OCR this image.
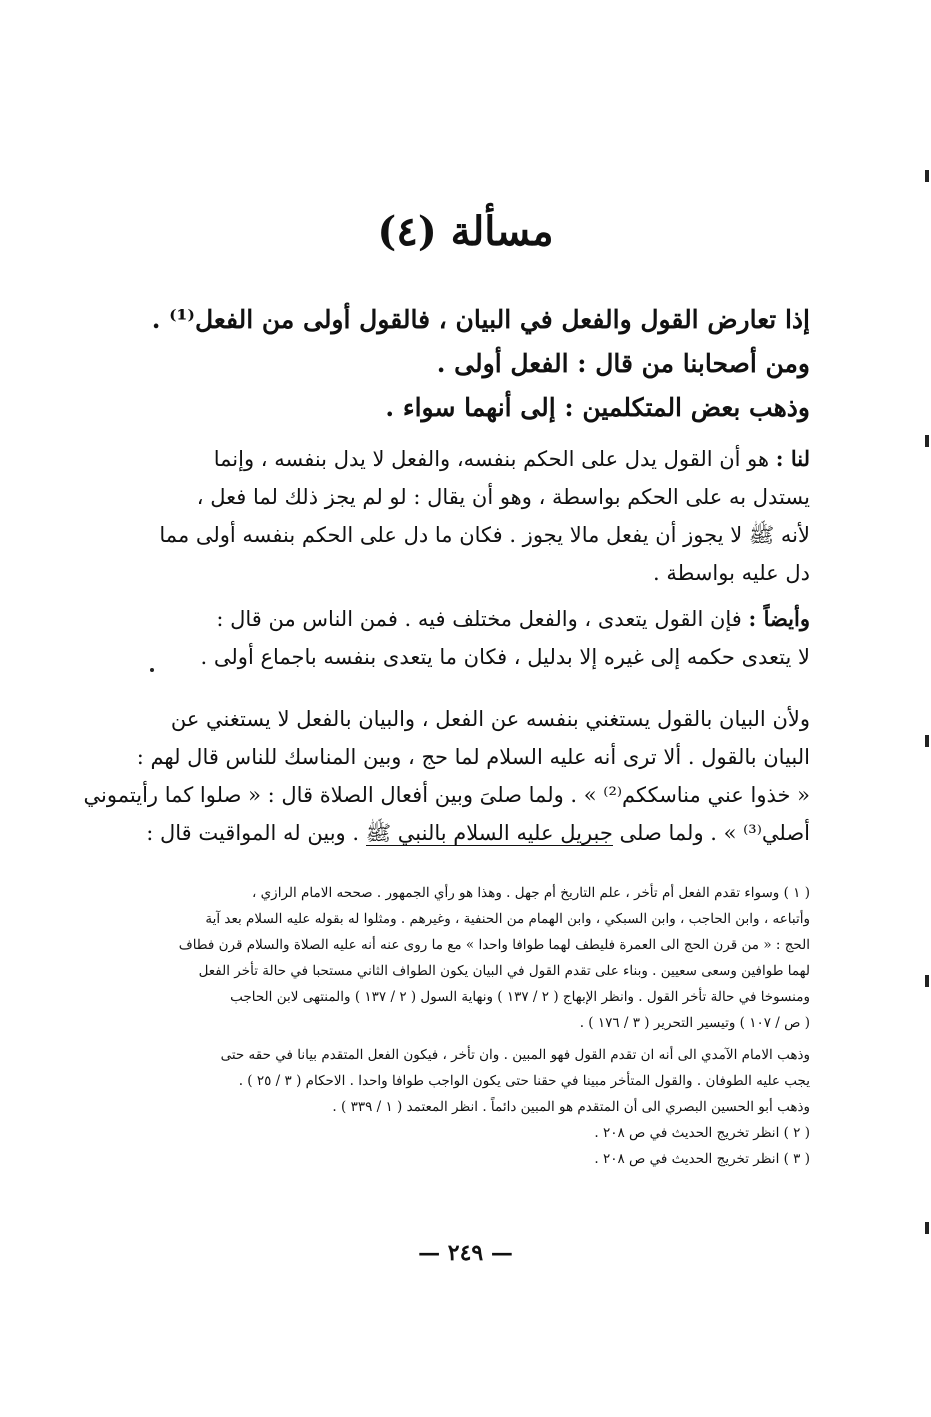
مسألة (٤)
إذا تعارض القول والفعل في البيان ، فالقول أولى من الفعل⁽¹⁾ .
ومن أصحابنا من قال : الفعل أولى .
وذهب بعض المتكلمين : إلى أنهما سواء .
لنا : هو أن القول يدل على الحكم بنفسه، والفعل لا يدل بنفسه ، وإنما
يستدل به على الحكم بواسطة ، وهو أن يقال : لو لم يجز ذلك لما فعل ،
لأنه ﷺ لا يجوز أن يفعل مالا يجوز . فكان ما دل على الحكم بنفسه أولى مما
دل عليه بواسطة .
وأيضاً : فإن القول يتعدى ، والفعل مختلف فيه . فمن الناس من قال :
لا يتعدى حكمه إلى غيره إلا بدليل ، فكان ما يتعدى بنفسه باجماع أولى .
ولأن البيان بالقول يستغني بنفسه عن الفعل ، والبيان بالفعل لا يستغني عن
البيان بالقول . ألا ترى أنه عليه السلام لما حج ، وبين المناسك للناس قال لهم :
« خذوا عني مناسككم⁽²⁾ » . ولما صلىَ وبين أفعال الصلاة قال : « صلوا كما رأيتموني
أصلي⁽³⁾ » . ولما صلى جبريل عليه السلام بالنبي ﷺ . وبين له المواقيت قال :
( ١ ) وسواء تقدم الفعل أم تأخر ، علم التاريخ أم جهل . وهذا هو رأي الجمهور . صححه الامام الرازي ،
وأتباعه ، وابن الحاجب ، وابن السبكي ، وابن الهمام من الحنفية ، وغيرهم . ومثلوا له بقوله عليه السلام بعد آية
الحج : « من قرن الحج الى العمرة فليطف لهما طوافا واحدا » مع ما روى عنه أنه عليه الصلاة والسلام قرن فطاف
لهما طوافين وسعى سعيين . وبناء على تقدم القول في البيان يكون الطواف الثاني مستحبا في حالة تأخر الفعل
ومنسوخا في حالة تأخر القول . وانظر الإبهاج ( ٢ / ١٣٧ ) ونهاية السول ( ٢ / ١٣٧ ) والمنتهى لابن الحاجب
( ص / ١٠٧ ) وتيسير التحرير ( ٣ / ١٧٦ ) .
وذهب الامام الآمدي الى أنه ان تقدم القول فهو المبين . وان تأخر ، فيكون الفعل المتقدم بيانا في حقه حتى
يجب عليه الطوفان . والقول المتأخر مبينا في حقنا حتى يكون الواجب طوافا واحدا . الاحكام ( ٣ / ٢٥ ) .
وذهب أبو الحسين البصري الى أن المتقدم هو المبين دائماً . انظر المعتمد ( ١ / ٣٣٩ ) .
( ٢ ) انظر تخريج الحديث في ص ٢٠٨ .
( ٣ ) انظر تخريج الحديث في ص ٢٠٨ .
— ٢٤٩ —
